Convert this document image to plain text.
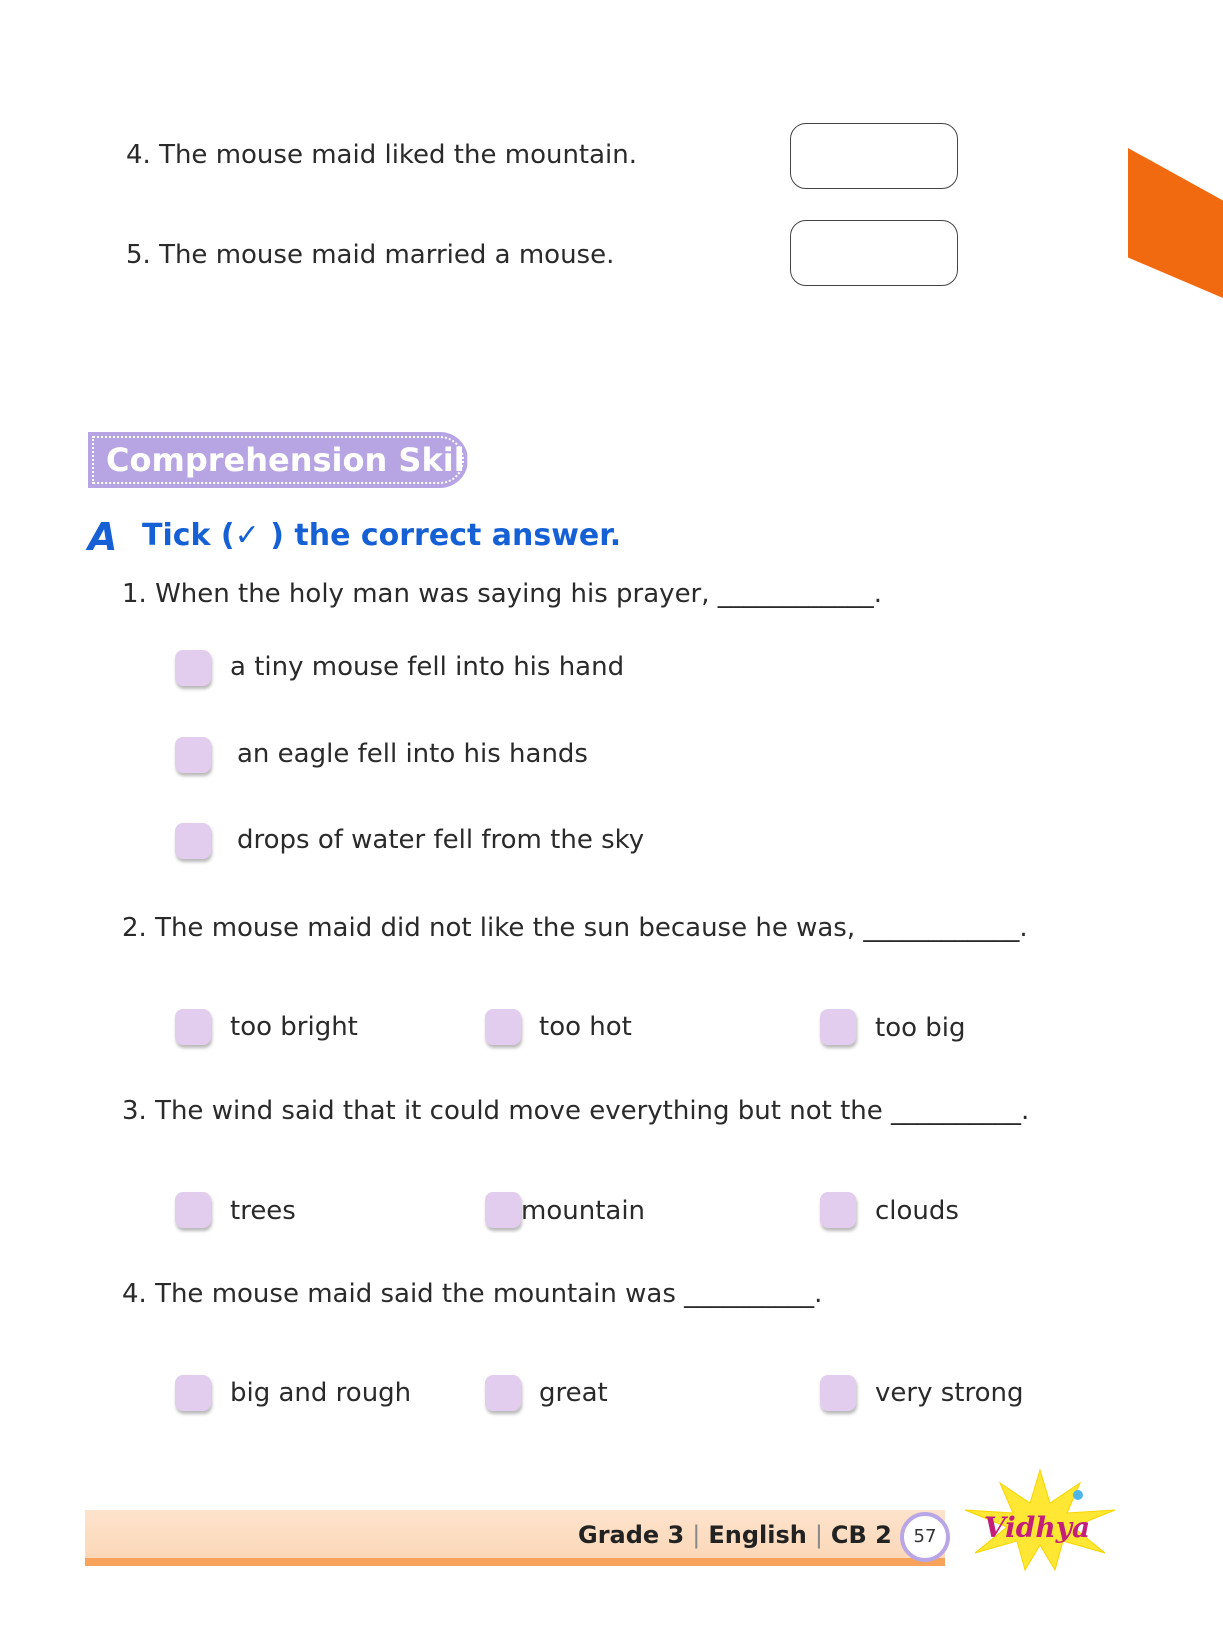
4. The mouse maid liked the mountain.
5. The mouse maid married a mouse.
Comprehension Skills
A Tick (✓ ) the correct answer.
1. When the holy man was saying his prayer, ____________.
a tiny mouse fell into his hand
an eagle fell into his hands
drops of water fell from the sky
2. The mouse maid did not like the sun because he was, ____________.
too bright	too hot	too big
3. The wind said that it could move everything but not the __________.
trees	mountain	clouds
4. The mouse maid said the mountain was __________.
big and rough	great	very strong
Grade 3 | English | CB 2	57	Vidhya
